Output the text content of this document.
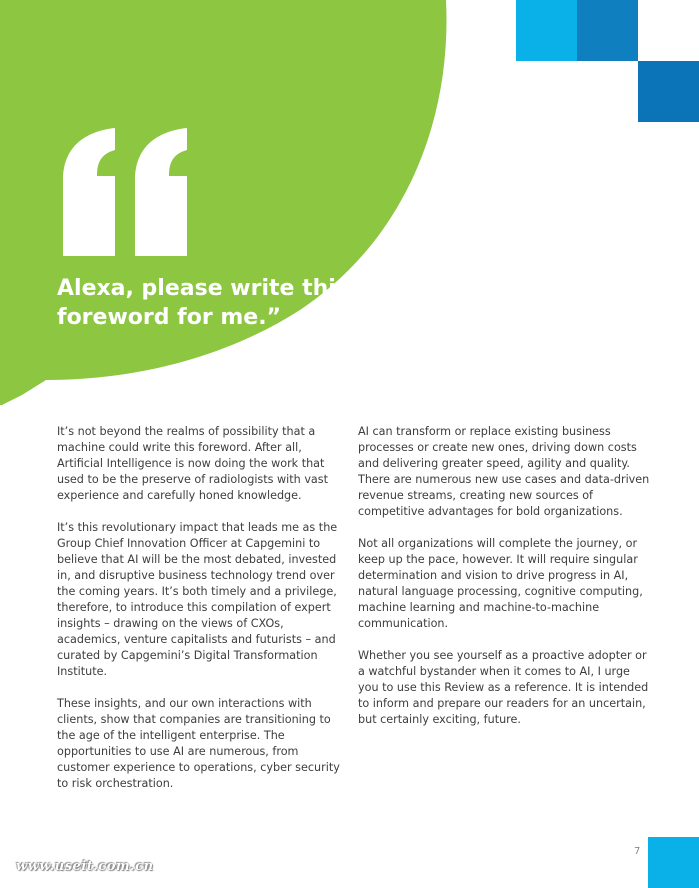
Alexa, please write this
foreword for me.”

It’s not beyond the realms of possibility that a machine could write this foreword. After all, Artificial Intelligence is now doing the work that used to be the preserve of radiologists with vast experience and carefully honed knowledge.

It’s this revolutionary impact that leads me as the Group Chief Innovation Officer at Capgemini to believe that AI will be the most debated, invested in, and disruptive business technology trend over the coming years. It’s both timely and a privilege, therefore, to introduce this compilation of expert insights – drawing on the views of CXOs, academics, venture capitalists and futurists – and curated by Capgemini’s Digital Transformation Institute.

These insights, and our own interactions with clients, show that companies are transitioning to the age of the intelligent enterprise. The opportunities to use AI are numerous, from customer experience to operations, cyber security to risk orchestration.

AI can transform or replace existing business processes or create new ones, driving down costs and delivering greater speed, agility and quality. There are numerous new use cases and data-driven revenue streams, creating new sources of competitive advantages for bold organizations.

Not all organizations will complete the journey, or keep up the pace, however. It will require singular determination and vision to drive progress in AI, natural language processing, cognitive computing, machine learning and machine-to-machine communication.

Whether you see yourself as a proactive adopter or a watchful bystander when it comes to AI, I urge you to use this Review as a reference. It is intended to inform and prepare our readers for an uncertain, but certainly exciting, future.

7
www.useit.com.cn
